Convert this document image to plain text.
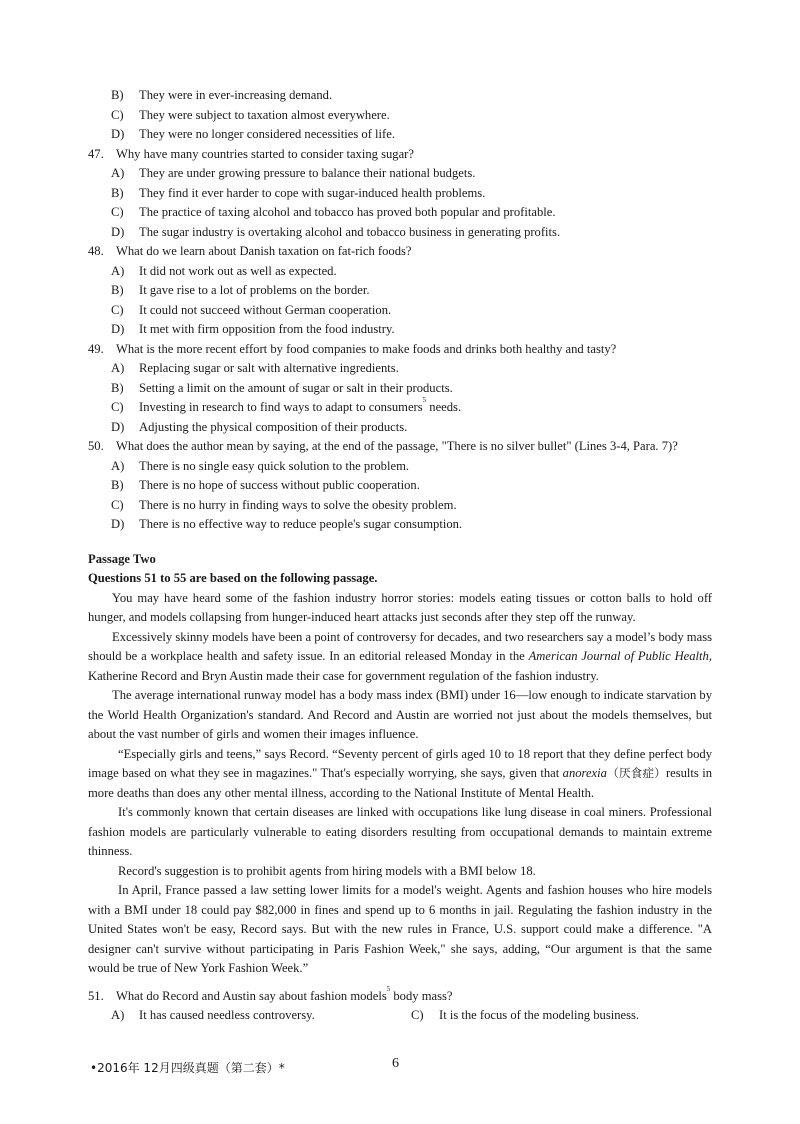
B) They were in ever-increasing demand.
C) They were subject to taxation almost everywhere.
D) They were no longer considered necessities of life.
47. Why have many countries started to consider taxing sugar?
A) They are under growing pressure to balance their national budgets.
B) They find it ever harder to cope with sugar-induced health problems.
C) The practice of taxing alcohol and tobacco has proved both popular and profitable.
D) The sugar industry is overtaking alcohol and tobacco business in generating profits.
48. What do we learn about Danish taxation on fat-rich foods?
A) It did not work out as well as expected.
B) It gave rise to a lot of problems on the border.
C) It could not succeed without German cooperation.
D) It met with firm opposition from the food industry.
49. What is the more recent effort by food companies to make foods and drinks both healthy and tasty?
A) Replacing sugar or salt with alternative ingredients.
B) Setting a limit on the amount of sugar or salt in their products.
C) Investing in research to find ways to adapt to consumers$^5$ needs.
D) Adjusting the physical composition of their products.
50. What does the author mean by saying, at the end of the passage, "There is no silver bullet" (Lines 3-4, Para. 7)?
A) There is no single easy quick solution to the problem.
B) There is no hope of success without public cooperation.
C) There is no hurry in finding ways to solve the obesity problem.
D) There is no effective way to reduce people's sugar consumption.
Passage Two
Questions 51 to 55 are based on the following passage.

You may have heard some of the fashion industry horror stories: models eating tissues or cotton balls to hold off hunger, and models collapsing from hunger-induced heart attacks just seconds after they step off the runway.

Excessively skinny models have been a point of controversy for decades, and two researchers say a model’s body mass should be a workplace health and safety issue. In an editorial released Monday in the American Journal of Public Health, Katherine Record and Bryn Austin made their case for government regulation of the fashion industry.

The average international runway model has a body mass index (BMI) under 16—low enough to indicate starvation by the World Health Organization's standard. And Record and Austin are worried not just about the models themselves, but about the vast number of girls and women their images influence.

“Especially girls and teens,” says Record. “Seventy percent of girls aged 10 to 18 report that they define perfect body image based on what they see in magazines." That's especially worrying, she says, given that anorexia（厌食症）results in more deaths than does any other mental illness, according to the National Institute of Mental Health.

It's commonly known that certain diseases are linked with occupations like lung disease in coal miners. Professional fashion models are particularly vulnerable to eating disorders resulting from occupational demands to maintain extreme thinness.

Record's suggestion is to prohibit agents from hiring models with a BMI below 18.

In April, France passed a law setting lower limits for a model's weight. Agents and fashion houses who hire models with a BMI under 18 could pay $82,000 in fines and spend up to 6 months in jail. Regulating the fashion industry in the United States won't be easy, Record says. But with the new rules in France, U.S. support could make a difference. "A designer can't survive without participating in Paris Fashion Week," she says, adding, “Our argument is that the same would be true of New York Fashion Week.”

51. What do Record and Austin say about fashion models$^5$ body mass?
A) It has caused needless controversy.	C) It is the focus of the modeling business.
•2016年 12月四级真题（第二套）*	6
